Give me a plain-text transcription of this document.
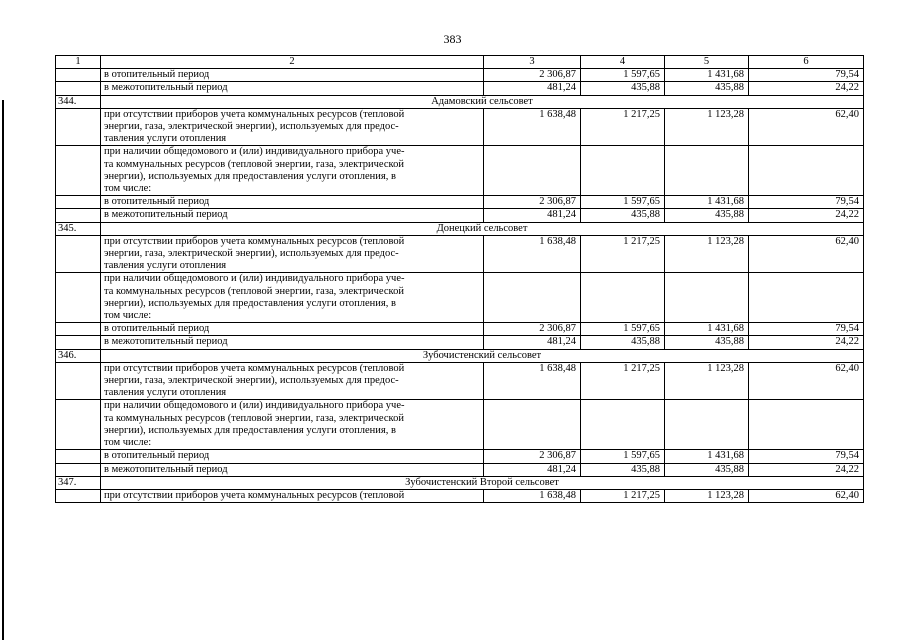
383
1	2	3	4	5	6
	в отопительный период	2 306,87	1 597,65	1 431,68	79,54
	в межотопительный период	481,24	435,88	435,88	24,22
344.	Адамовский сельсовет				

	при отсутствии приборов учета коммунальных ресурсов (тепловой
энергии, газа, электрической энергии), используемых для предос-
тавления услуги отопления	1 638,48	1 217,25	1 123,28	62,40

	при наличии общедомового и (или) индивидуального прибора уче-
та коммунальных ресурсов (тепловой энергии, газа, электрической
энергии), используемых для предоставления услуги отопления, в
том числе:				

	в отопительный период	2 306,87	1 597,65	1 431,68	79,54
	в межотопительный период	481,24	435,88	435,88	24,22
345.	Донецкий сельсовет				

	при отсутствии приборов учета коммунальных ресурсов (тепловой
энергии, газа, электрической энергии), используемых для предос-
тавления услуги отопления	1 638,48	1 217,25	1 123,28	62,40

	при наличии общедомового и (или) индивидуального прибора уче-
та коммунальных ресурсов (тепловой энергии, газа, электрической
энергии), используемых для предоставления услуги отопления, в
том числе:				

	в отопительный период	2 306,87	1 597,65	1 431,68	79,54
	в межотопительный период	481,24	435,88	435,88	24,22
346.	Зубочистенский сельсовет				

	при отсутствии приборов учета коммунальных ресурсов (тепловой
энергии, газа, электрической энергии), используемых для предос-
тавления услуги отопления	1 638,48	1 217,25	1 123,28	62,40

	при наличии общедомового и (или) индивидуального прибора уче-
та коммунальных ресурсов (тепловой энергии, газа, электрической
энергии), используемых для предоставления услуги отопления, в
том числе:				

	в отопительный период	2 306,87	1 597,65	1 431,68	79,54
	в межотопительный период	481,24	435,88	435,88	24,22
347.	Зубочистенский Второй сельсовет				

	при отсутствии приборов учета коммунальных ресурсов (тепловой	1 638,48	1 217,25	1 123,28	62,40
